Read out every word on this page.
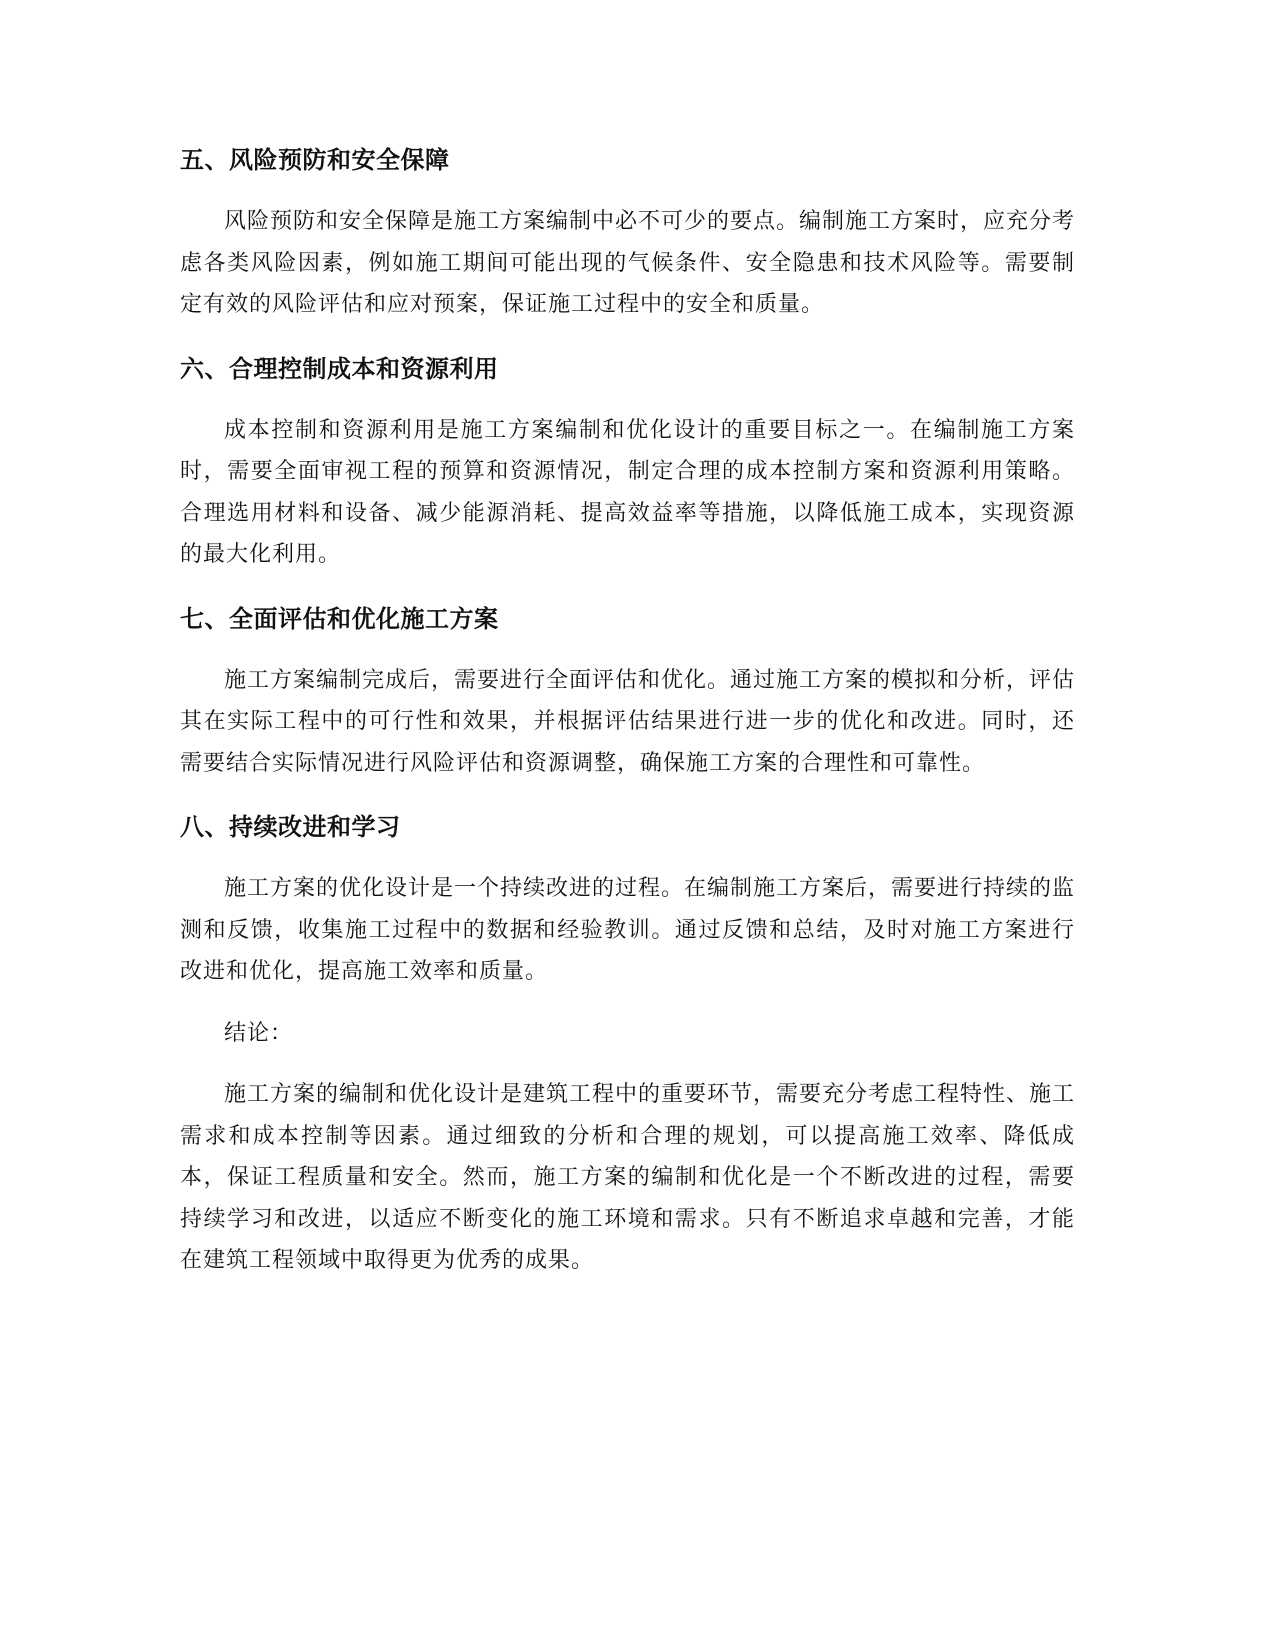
五、风险预防和安全保障

风险预防和安全保障是施工方案编制中必不可少的要点。编制施工方案时，应充分考虑各类风险因素，例如施工期间可能出现的气候条件、安全隐患和技术风险等。需要制定有效的风险评估和应对预案，保证施工过程中的安全和质量。

六、合理控制成本和资源利用

成本控制和资源利用是施工方案编制和优化设计的重要目标之一。在编制施工方案时，需要全面审视工程的预算和资源情况，制定合理的成本控制方案和资源利用策略。合理选用材料和设备、减少能源消耗、提高效益率等措施，以降低施工成本，实现资源的最大化利用。

七、全面评估和优化施工方案

施工方案编制完成后，需要进行全面评估和优化。通过施工方案的模拟和分析，评估其在实际工程中的可行性和效果，并根据评估结果进行进一步的优化和改进。同时，还需要结合实际情况进行风险评估和资源调整，确保施工方案的合理性和可靠性。

八、持续改进和学习

施工方案的优化设计是一个持续改进的过程。在编制施工方案后，需要进行持续的监测和反馈，收集施工过程中的数据和经验教训。通过反馈和总结，及时对施工方案进行改进和优化，提高施工效率和质量。

结论：

施工方案的编制和优化设计是建筑工程中的重要环节，需要充分考虑工程特性、施工需求和成本控制等因素。通过细致的分析和合理的规划，可以提高施工效率、降低成本，保证工程质量和安全。然而，施工方案的编制和优化是一个不断改进的过程，需要持续学习和改进，以适应不断变化的施工环境和需求。只有不断追求卓越和完善，才能在建筑工程领域中取得更为优秀的成果。
